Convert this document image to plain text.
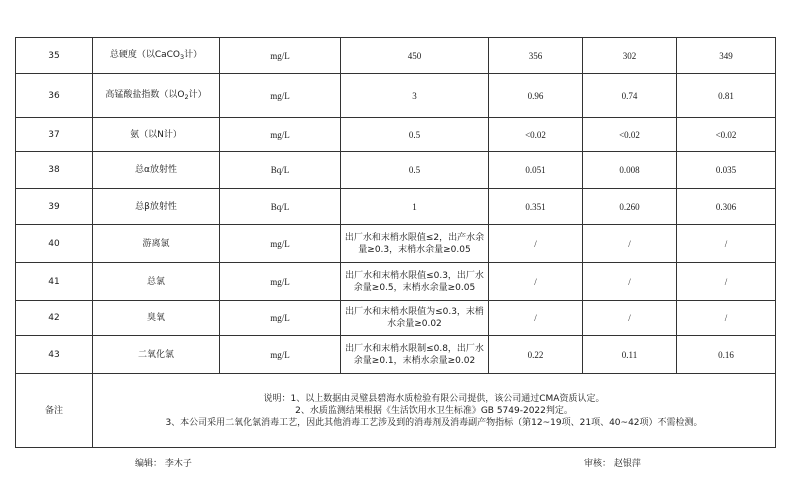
35	总硬度（以CaCO$_3$计）	mg/L	450	356	302	349
36	高锰酸盐指数（以$O_2$计）	mg/L	3	0.96	0.74	0.81
37	氨（以N计）	mg/L	0.5	<0.02	<0.02	<0.02
38	总α放射性	Bq/L	0.5	0.051	0.008	0.035
39	总β放射性	Bq/L	1	0.351	0.260	0.306
40	游离氯	mg/L	出厂水和末梢水限值≤2，出产水余量≥0.3，末梢水余量≥0.05	/	/	/
41	总氯	mg/L	出厂水和末梢水限值≤0.3，出厂水余量≥0.5，末梢水余量≥0.05	/	/	/
42	臭氧	mg/L	出厂水和末梢水限值为≤0.3，末梢水余量≥0.02	/	/	/
43	二氧化氯	mg/L	出厂水和末梢水限制≤0.8，出厂水余量≥0.1，末梢水余量≥0.02	0.22	0.11	0.16
备注	说明：1、以上数据由灵璧县碧海水质检验有限公司提供，该公司通过CMA资质认定。
2、水质监测结果根据《生活饮用水卫生标准》GB 5749-2022判定。
3、本公司采用二氧化氯消毒工艺，因此其他消毒工艺涉及到的消毒剂及消毒副产物指标（第12~19项、21项、40~42项）不需检测。					
编辑： 李木子	审核： 赵银萍
